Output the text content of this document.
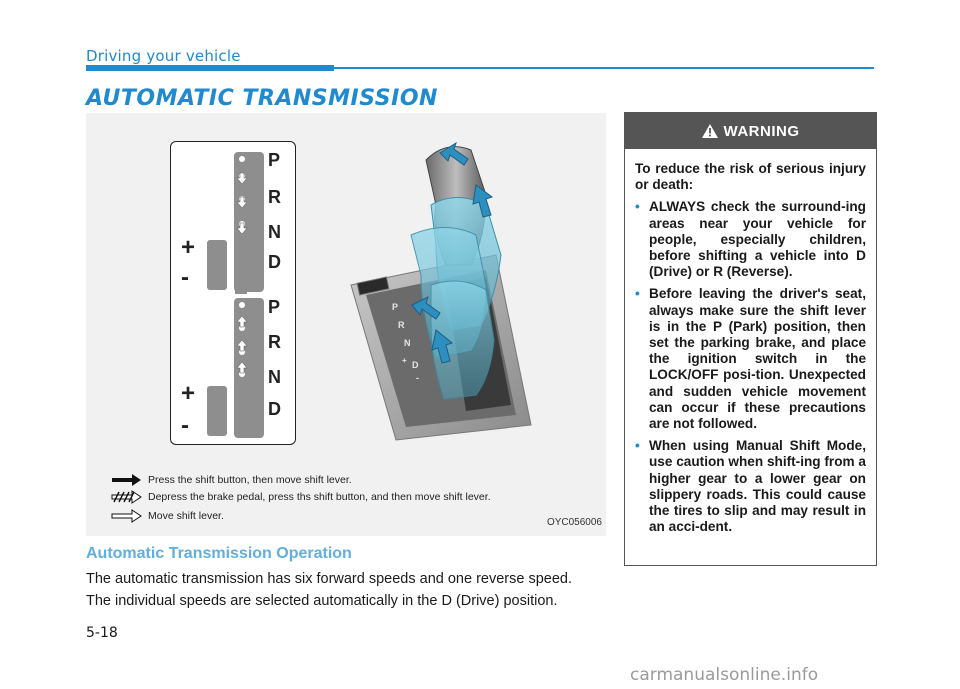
Driving your vehicle
AUTOMATIC TRANSMISSION
P
R
N
D
P
R
N
D
+
-
+
-
P
R
N
+ D
-
Press the shift button, then move shift lever.
Depress the brake pedal, press ths shift button, and then move shift lever.
Move shift lever.
OYC056006
Automatic Transmission Operation
The automatic transmission has six forward speeds and one reverse speed.
The individual speeds are selected automatically in the D (Drive) position.
WARNING
To reduce the risk of serious injury or death:
• ALWAYS check the surround-ing areas near your vehicle for people, especially children, before shifting a vehicle into D (Drive) or R (Reverse).
• Before leaving the driver's seat, always make sure the shift lever is in the P (Park) position, then set the parking brake, and place the ignition switch in the LOCK/OFF posi-tion. Unexpected and sudden vehicle movement can occur if these precautions are not followed.
• When using Manual Shift Mode, use caution when shift-ing from a higher gear to a lower gear on slippery roads. This could cause the tires to slip and may result in an acci-dent.
5-18
carmanualsonline.info
